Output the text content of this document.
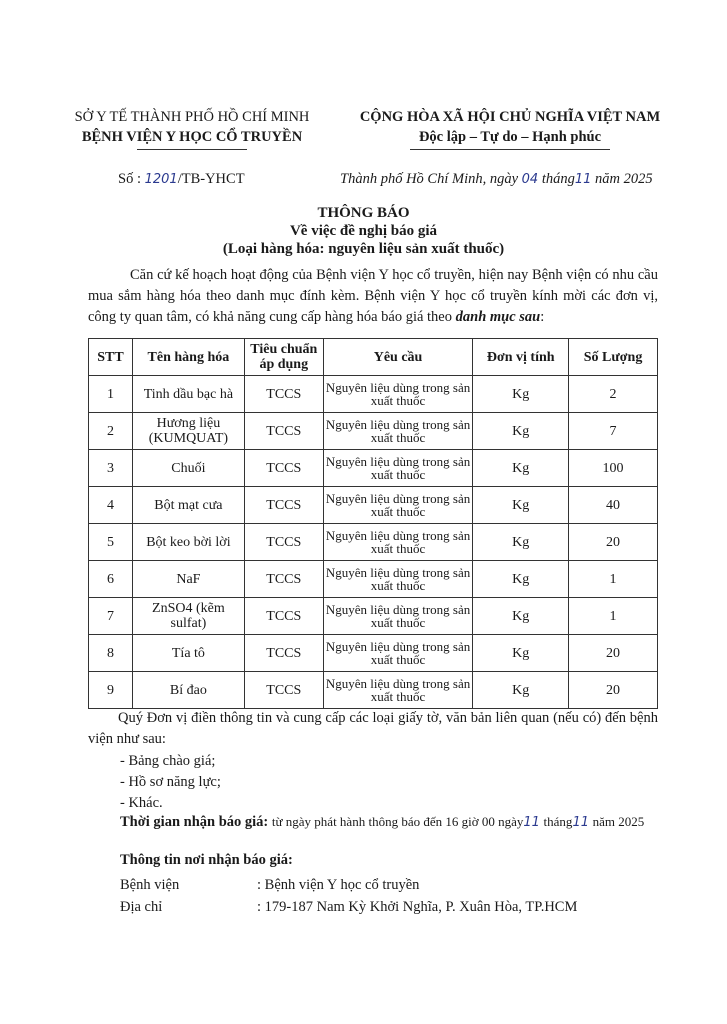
SỞ Y TẾ THÀNH PHỐ HỒ CHÍ MINH
BỆNH VIỆN Y HỌC CỔ TRUYỀN
CỘNG HÒA XÃ HỘI CHỦ NGHĨA VIỆT NAM
Độc lập – Tự do – Hạnh phúc
Số : 1201/TB-YHCT	Thành phố Hồ Chí Minh, ngày 04 tháng11 năm 2025
THÔNG BÁO
Về việc đề nghị báo giá
(Loại hàng hóa: nguyên liệu sản xuất thuốc)
Căn cứ kế hoạch hoạt động của Bệnh viện Y học cổ truyền, hiện nay Bệnh viện có nhu cầu mua sắm hàng hóa theo danh mục đính kèm. Bệnh viện Y học cổ truyền kính mời các đơn vị, công ty quan tâm, có khả năng cung cấp hàng hóa báo giá theo danh mục sau:
STT	Tên hàng hóa	Tiêu chuẩn áp dụng	Yêu cầu	Đơn vị tính	Số Lượng
1	Tinh dầu bạc hà	TCCS	Nguyên liệu dùng trong sản xuất thuốc	Kg	2
2	Hương liệu (KUMQUAT)	TCCS	Nguyên liệu dùng trong sản xuất thuốc	Kg	7
3	Chuối	TCCS	Nguyên liệu dùng trong sản xuất thuốc	Kg	100
4	Bột mạt cưa	TCCS	Nguyên liệu dùng trong sản xuất thuốc	Kg	40
5	Bột keo bời lời	TCCS	Nguyên liệu dùng trong sản xuất thuốc	Kg	20
6	NaF	TCCS	Nguyên liệu dùng trong sản xuất thuốc	Kg	1
7	ZnSO4 (kẽm sulfat)	TCCS	Nguyên liệu dùng trong sản xuất thuốc	Kg	1
8	Tía tô	TCCS	Nguyên liệu dùng trong sản xuất thuốc	Kg	20
9	Bí đao	TCCS	Nguyên liệu dùng trong sản xuất thuốc	Kg	20
Quý Đơn vị điền thông tin và cung cấp các loại giấy tờ, văn bản liên quan (nếu có) đến bệnh viện như sau:
- Bảng chào giá;
- Hồ sơ năng lực;
- Khác.
Thời gian nhận báo giá: từ ngày phát hành thông báo đến 16 giờ 00 ngày11 tháng11 năm 2025
Thông tin nơi nhận báo giá:
Bệnh viện	: Bệnh viện Y học cổ truyền
Địa chỉ	: 179-187 Nam Kỳ Khởi Nghĩa, P. Xuân Hòa, TP.HCM
